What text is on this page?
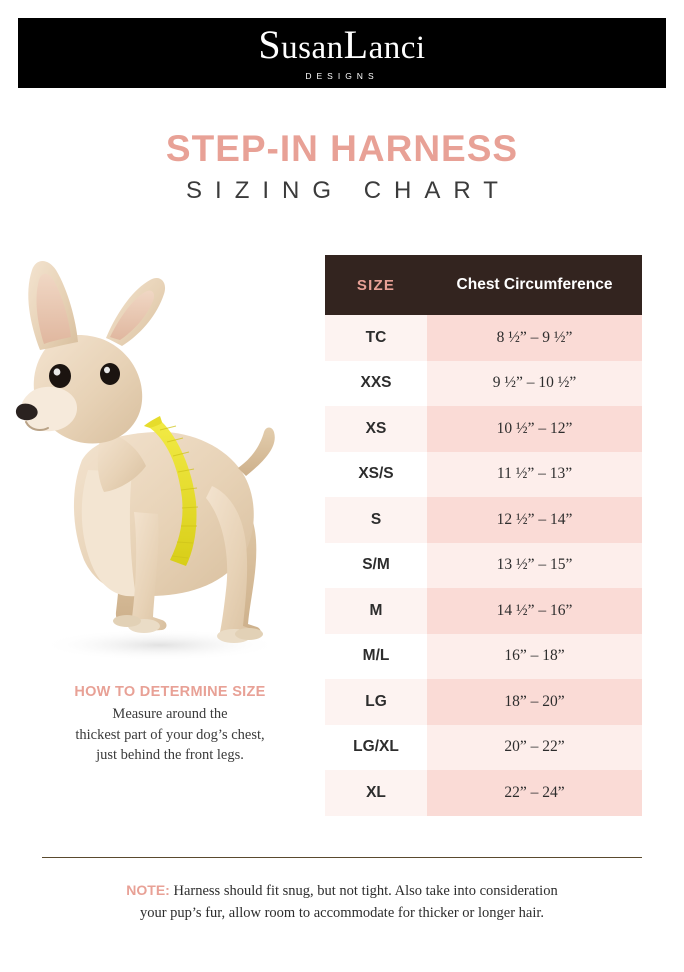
SusanLanci
DESIGNS
STEP-IN HARNESS
SIZING CHART
HOW TO DETERMINE SIZE
Measure around the
thickest part of your dog’s chest,
just behind the front legs.
SIZE	Chest Circumference
TC	8 ½” – 9 ½”
XXS	9 ½” – 10 ½”
XS	10 ½” – 12”
XS/S	11 ½” – 13”
S	12 ½” – 14”
S/M	13 ½” – 15”
M	14 ½” – 16”
M/L	16” – 18”
LG	18” – 20”
LG/XL	20” – 22”
XL	22” – 24”
NOTE: Harness should fit snug, but not tight. Also take into consideration
your pup’s fur, allow room to accommodate for thicker or longer hair.
